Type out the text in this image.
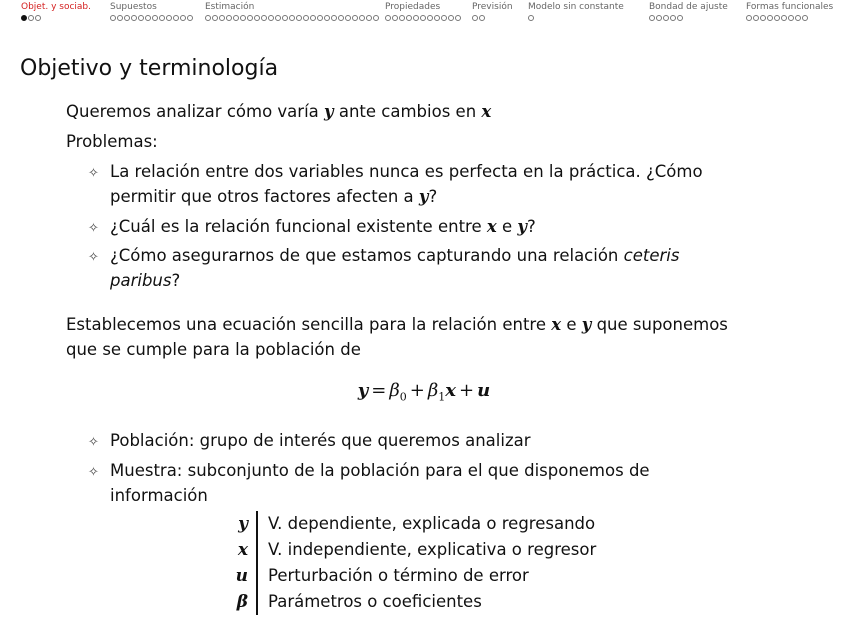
Objet. y sociab. Supuestos	Estimación	Propiedades	Previsión Modelo sin constante	Bondad de ajuste Formas funcionales
Objetivo y terminología
Queremos analizar cómo varía y ante cambios en x
Problemas:
✧ La relación entre dos variables nunca es perfecta en la práctica. ¿Cómo
permitir que otros factores afecten a y?
✧ ¿Cuál es la relación funcional existente entre x e y?
✧ ¿Cómo asegurarnos de que estamos capturando una relación ceteris
paribus?
Establecemos una ecuación sencilla para la relación entre x e y que suponemos
que se cumple para la población de
$y = \beta_0 + \beta_1x + u$
✧ Población: grupo de interés que queremos analizar
✧ Muestra: subconjunto de la población para el que disponemos de
información
y	V. dependiente, explicada o regresando
x	V. independiente, explicativa o regresor
u	Perturbación o término de error
β	Parámetros o coeficientes
